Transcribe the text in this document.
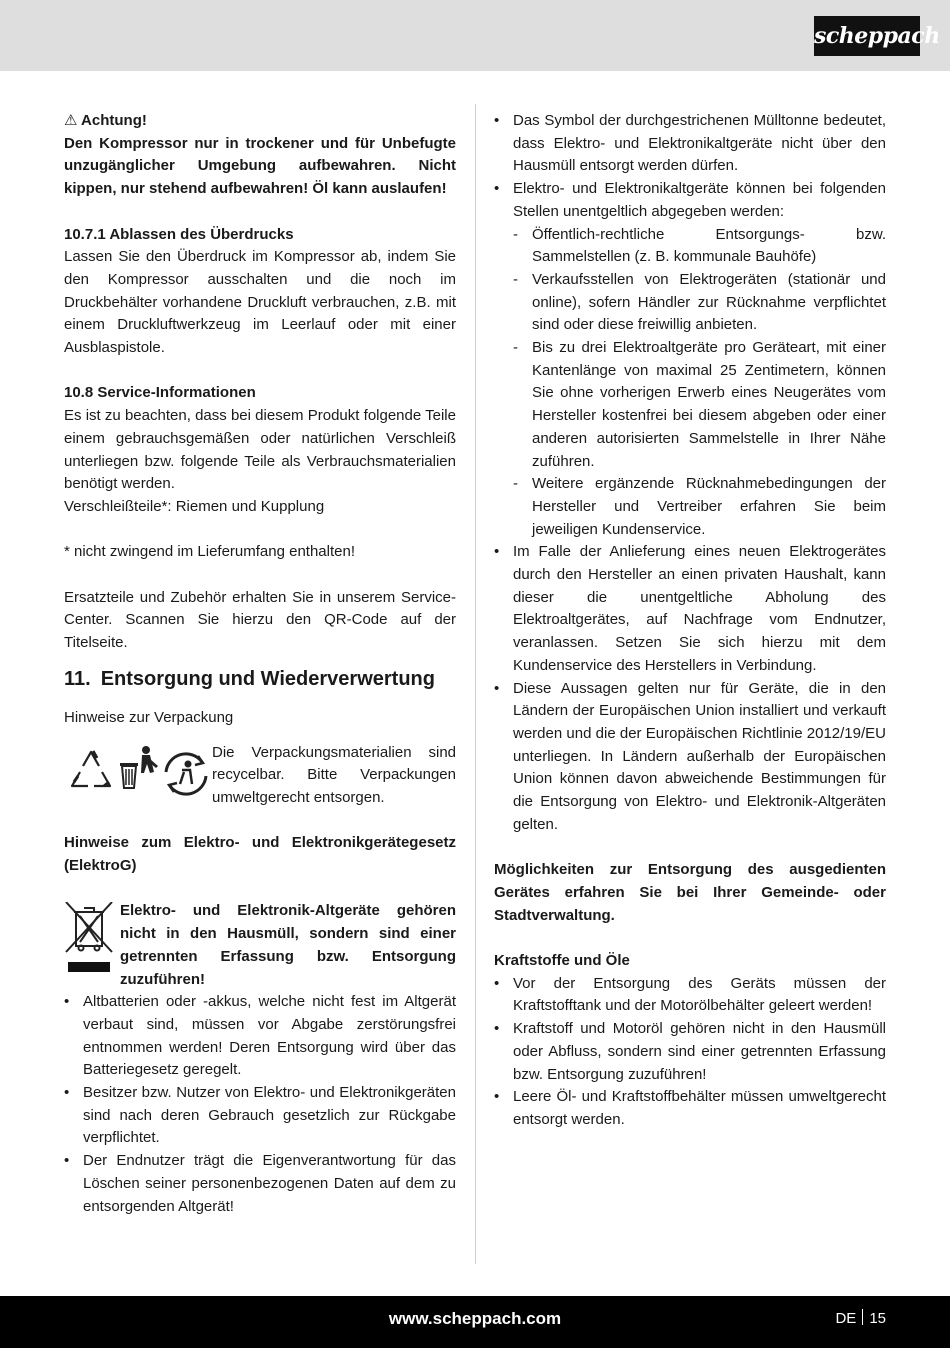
scheppach

⚠ Achtung!

Den Kompressor nur in trockener und für Unbefugte unzugänglicher Umgebung aufbewahren. Nicht kippen, nur stehend aufbewahren! Öl kann auslaufen!

10.7.1 Ablassen des Überdrucks

Lassen Sie den Überdruck im Kompressor ab, indem Sie den Kompressor ausschalten und die noch im Druckbehälter vorhandene Druckluft verbrauchen, z.B. mit einem Druckluftwerkzeug im Leerlauf oder mit einer Ausblaspistole.

10.8 Service-Informationen

Es ist zu beachten, dass bei diesem Produkt folgende Teile einem gebrauchsgemäßen oder natürlichen Verschleiß unterliegen bzw. folgende Teile als Verbrauchsmaterialien benötigt werden.

Verschleißteile*: Riemen und Kupplung

* nicht zwingend im Lieferumfang enthalten!

Ersatzteile und Zubehör erhalten Sie in unserem Service-Center. Scannen Sie hierzu den QR-Code auf der Titelseite.

11. Entsorgung und Wiederverwertung

Hinweise zur Verpackung

Die Verpackungsmaterialien sind recycelbar. Bitte Verpackungen umweltgerecht entsorgen.

Hinweise zum Elektro- und Elektronikgerätegesetz (ElektroG)

Elektro- und Elektronik-Altgeräte gehören nicht in den Hausmüll, sondern sind einer getrennten Erfassung bzw. Entsorgung zuzuführen!

• Altbatterien oder -akkus, welche nicht fest im Altgerät verbaut sind, müssen vor Abgabe zerstörungsfrei entnommen werden! Deren Entsorgung wird über das Batteriegesetz geregelt.
• Besitzer bzw. Nutzer von Elektro- und Elektronikgeräten sind nach deren Gebrauch gesetzlich zur Rückgabe verpflichtet.
• Der Endnutzer trägt die Eigenverantwortung für das Löschen seiner personenbezogenen Daten auf dem zu entsorgenden Altgerät!
• Das Symbol der durchgestrichenen Mülltonne bedeutet, dass Elektro- und Elektronikaltgeräte nicht über den Hausmüll entsorgt werden dürfen.
• Elektro- und Elektronikaltgeräte können bei folgenden Stellen unentgeltlich abgegeben werden:
- Öffentlich-rechtliche Entsorgungs- bzw. Sammelstellen (z. B. kommunale Bauhöfe)
- Verkaufsstellen von Elektrogeräten (stationär und online), sofern Händler zur Rücknahme verpflichtet sind oder diese freiwillig anbieten.
- Bis zu drei Elektroaltgeräte pro Geräteart, mit einer Kantenlänge von maximal 25 Zentimetern, können Sie ohne vorherigen Erwerb eines Neugerätes vom Hersteller kostenfrei bei diesem abgeben oder einer anderen autorisierten Sammelstelle in Ihrer Nähe zuführen.
- Weitere ergänzende Rücknahmebedingungen der Hersteller und Vertreiber erfahren Sie beim jeweiligen Kundenservice.
• Im Falle der Anlieferung eines neuen Elektrogerätes durch den Hersteller an einen privaten Haushalt, kann dieser die unentgeltliche Abholung des Elektroaltgerätes, auf Nachfrage vom Endnutzer, veranlassen. Setzen Sie sich hierzu mit dem Kundenservice des Herstellers in Verbindung.
• Diese Aussagen gelten nur für Geräte, die in den Ländern der Europäischen Union installiert und verkauft werden und die der Europäischen Richtlinie 2012/19/EU unterliegen. In Ländern außerhalb der Europäischen Union können davon abweichende Bestimmungen für die Entsorgung von Elektro- und Elektronik-Altgeräten gelten.

Möglichkeiten zur Entsorgung des ausgedienten Gerätes erfahren Sie bei Ihrer Gemeinde- oder Stadtverwaltung.

Kraftstoffe und Öle

• Vor der Entsorgung des Geräts müssen der Kraftstofftank und der Motorölbehälter geleert werden!
• Kraftstoff und Motoröl gehören nicht in den Hausmüll oder Abfluss, sondern sind einer getrennten Erfassung bzw. Entsorgung zuzuführen!
• Leere Öl- und Kraftstoffbehälter müssen umweltgerecht entsorgt werden.
www.scheppach.com	DE 15
